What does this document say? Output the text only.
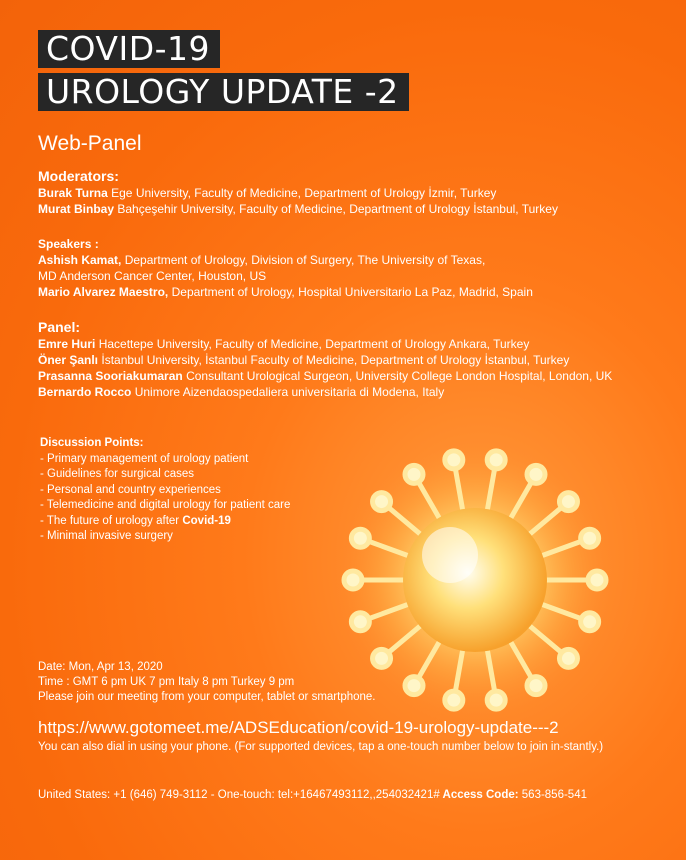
COVID-19
UROLOGY UPDATE -2
Web-Panel
Moderators:
Burak Turna Ege University, Faculty of Medicine, Department of Urology İzmir, Turkey
Murat Binbay Bahçeşehir University, Faculty of Medicine, Department of Urology İstanbul, Turkey
Speakers :
Ashish Kamat, Department of Urology, Division of Surgery, The University of Texas,
MD Anderson Cancer Center, Houston, US
Mario Alvarez Maestro, Department of Urology, Hospital Universitario La Paz, Madrid, Spain
Panel:
Emre Huri Hacettepe University, Faculty of Medicine, Department of Urology Ankara, Turkey
Öner Şanlı İstanbul University, İstanbul Faculty of Medicine, Department of Urology İstanbul, Turkey
Prasanna Sooriakumaran Consultant Urological Surgeon, University College London Hospital, London, UK
Bernardo Rocco Unimore Aizendaospedaliera universitaria di Modena, Italy
Discussion Points:
- Primary management of urology patient
- Guidelines for surgical cases
- Personal and country experiences
- Telemedicine and digital urology for patient care
- The future of urology after Covid-19
- Minimal invasive surgery
Date: Mon, Apr 13, 2020
Time : GMT 6 pm UK 7 pm Italy 8 pm Turkey 9 pm
Please join our meeting from your computer, tablet or smartphone.
https://www.gotomeet.me/ADSEducation/covid-19-urology-update---2
You can also dial in using your phone. (For supported devices, tap a one-touch number below to join in-stantly.)
United States: +1 (646) 749-3112 - One-touch: tel:+16467493112,,254032421# Access Code: 563-856-541
